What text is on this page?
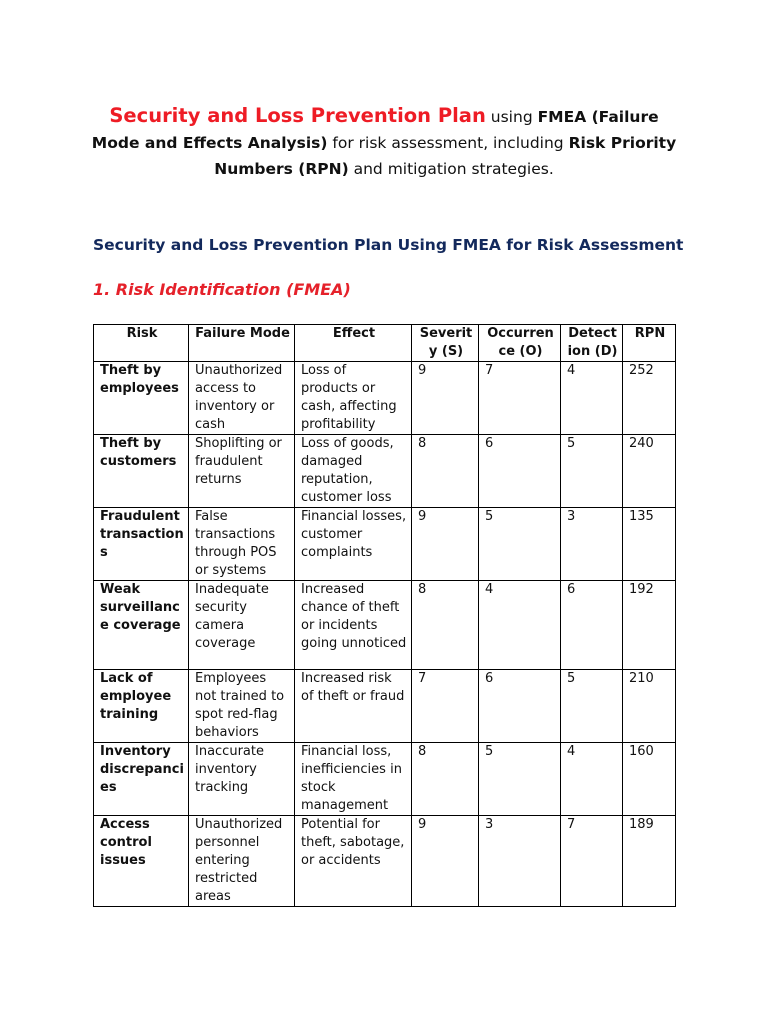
Security and Loss Prevention Plan using FMEA (Failure Mode and Effects Analysis) for risk assessment, including Risk Priority Numbers (RPN) and mitigation strategies.
Security and Loss Prevention Plan Using FMEA for Risk Assessment
1. Risk Identification (FMEA)
Risk	Failure Mode	Effect	Severity (S)	Occurrence (O)	Detection (D)	RPN
Theft by employees	Unauthorized access to inventory or cash	Loss of products or cash, affecting profitability	9	7	4	252
Theft by customers	Shoplifting or fraudulent returns	Loss of goods, damaged reputation, customer loss	8	6	5	240
Fraudulent transactions	False transactions through POS or systems	Financial losses, customer complaints	9	5	3	135
Weak surveillance coverage	Inadequate security camera coverage	Increased chance of theft or incidents going unnoticed	8	4	6	192
Lack of employee training	Employees not trained to spot red-flag behaviors	Increased risk of theft or fraud	7	6	5	210
Inventory discrepancies	Inaccurate inventory tracking	Financial loss, inefficiencies in stock management	8	5	4	160
Access control issues	Unauthorized personnel entering restricted areas	Potential for theft, sabotage, or accidents	9	3	7	189
